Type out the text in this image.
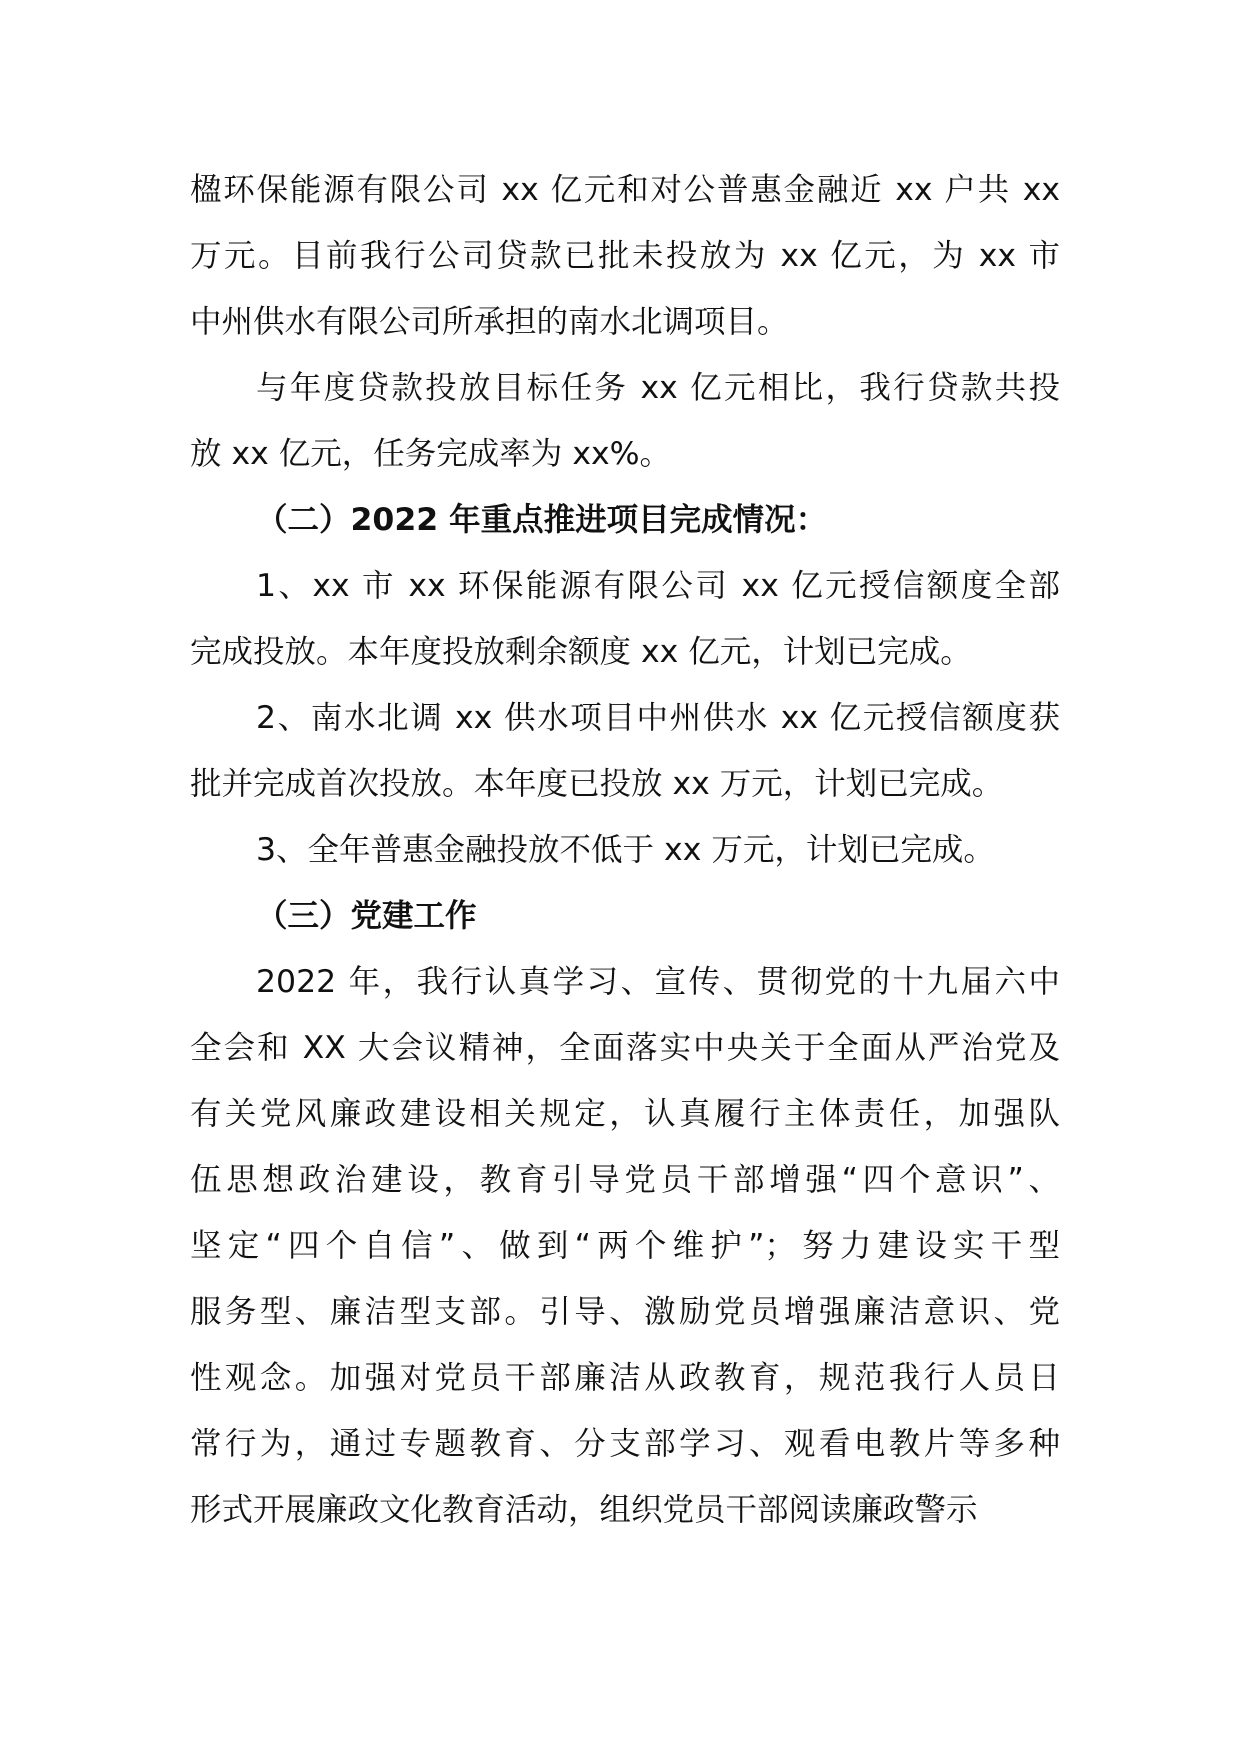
楹环保能源有限公司 xx 亿元和对公普惠金融近 xx 户共 xx
万元。目前我行公司贷款已批未投放为 xx 亿元，为 xx 市
中州供水有限公司所承担的南水北调项目。
与年度贷款投放目标任务 xx 亿元相比，我行贷款共投
放 xx 亿元，任务完成率为 xx%。
（二）2022 年重点推进项目完成情况：
1、xx 市 xx 环保能源有限公司 xx 亿元授信额度全部
完成投放。本年度投放剩余额度 xx 亿元，计划已完成。
2、南水北调 xx 供水项目中州供水 xx 亿元授信额度获
批并完成首次投放。本年度已投放 xx 万元，计划已完成。
3、全年普惠金融投放不低于 xx 万元，计划已完成。
（三）党建工作
2022 年，我行认真学习、宣传、贯彻党的十九届六中
全会和 XX 大会议精神，全面落实中央关于全面从严治党及
有关党风廉政建设相关规定，认真履行主体责任，加强队
伍思想政治建设，教育引导党员干部增强“四个意识”、
坚定“四个自信”、做到“两个维护”；努力建设实干型
服务型、廉洁型支部。引导、激励党员增强廉洁意识、党
性观念。加强对党员干部廉洁从政教育，规范我行人员日
常行为，通过专题教育、分支部学习、观看电教片等多种
形式开展廉政文化教育活动，组织党员干部阅读廉政警示
